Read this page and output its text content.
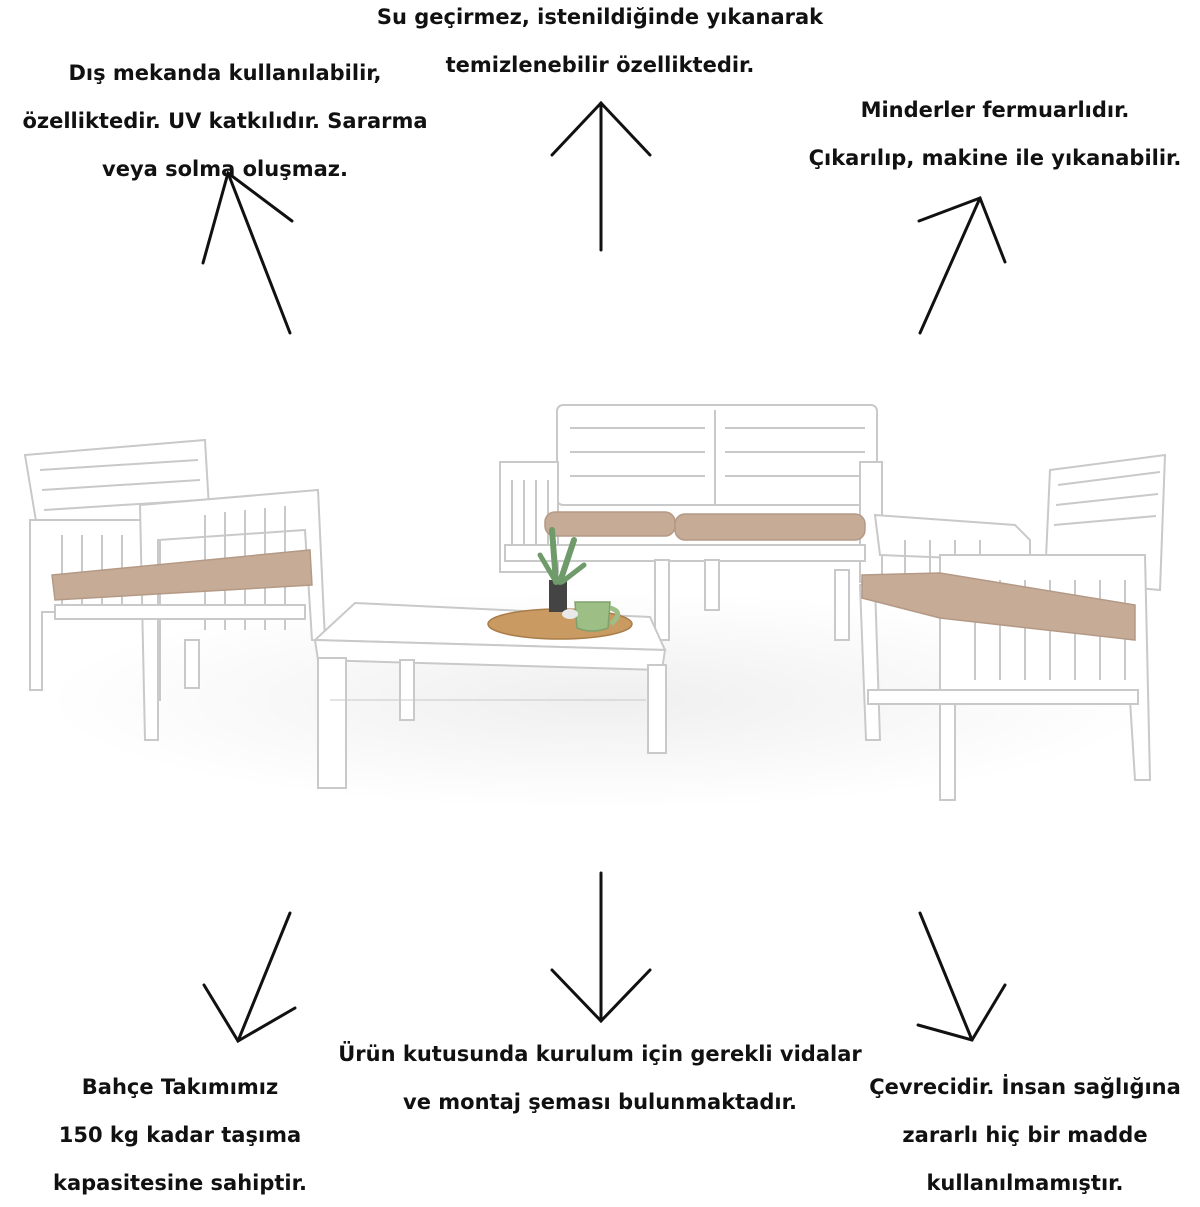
Su geçirmez, istenildiğinde yıkanarak
temizlenebilir özelliktedir.
Dış mekanda kullanılabilir,
özelliktedir. UV katkılıdır. Sararma
veya solma oluşmaz.
Minderler fermuarlıdır.
Çıkarılıp, makine ile yıkanabilir.
Bahçe Takımımız
150 kg kadar taşıma
kapasitesine sahiptir.
Ürün kutusunda kurulum için gerekli vidalar
ve montaj şeması bulunmaktadır.
Çevrecidir. İnsan sağlığına
zararlı hiç bir madde
kullanılmamıştır.
